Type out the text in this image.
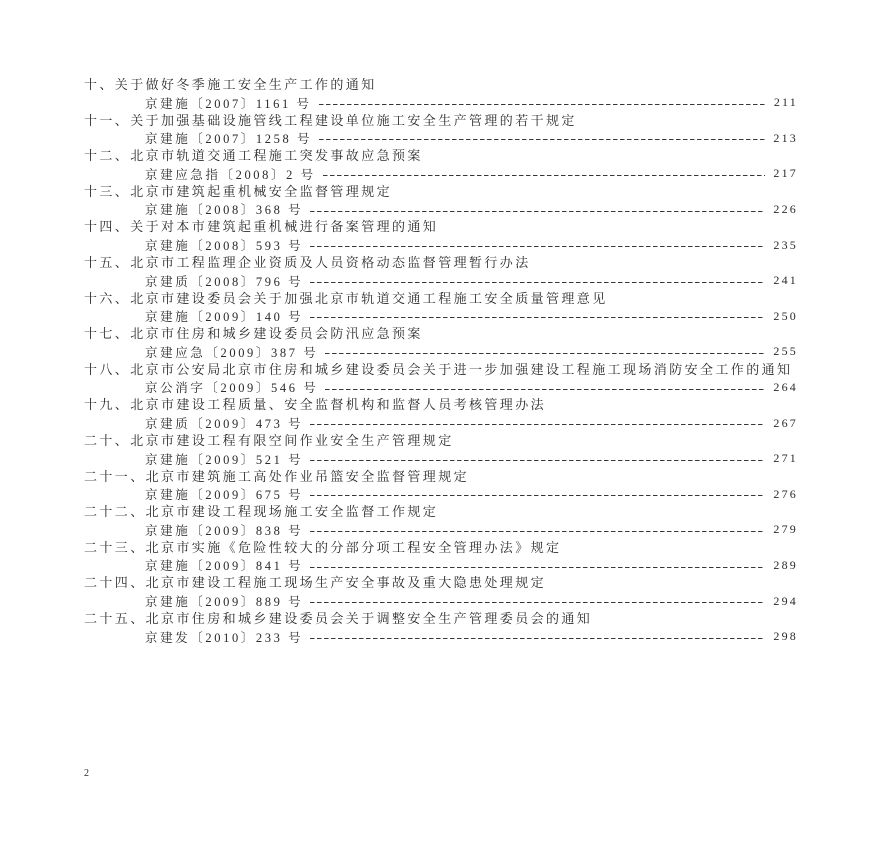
十、关于做好冬季施工安全生产工作的通知
京建施〔2007〕1161 号	211
十一、关于加强基础设施管线工程建设单位施工安全生产管理的若干规定
京建施〔2007〕1258 号	213
十二、北京市轨道交通工程施工突发事故应急预案
京建应急指〔2008〕2 号	217
十三、北京市建筑起重机械安全监督管理规定
京建施〔2008〕368 号	226
十四、关于对本市建筑起重机械进行备案管理的通知
京建施〔2008〕593 号	235
十五、北京市工程监理企业资质及人员资格动态监督管理暂行办法
京建质〔2008〕796 号	241
十六、北京市建设委员会关于加强北京市轨道交通工程施工安全质量管理意见
京建施〔2009〕140 号	250
十七、北京市住房和城乡建设委员会防汛应急预案
京建应急〔2009〕387 号	255
十八、北京市公安局北京市住房和城乡建设委员会关于进一步加强建设工程施工现场消防安全工作的通知
京公消字〔2009〕546 号	264
十九、北京市建设工程质量、安全监督机构和监督人员考核管理办法
京建质〔2009〕473 号	267
二十、北京市建设工程有限空间作业安全生产管理规定
京建施〔2009〕521 号	271
二十一、北京市建筑施工高处作业吊篮安全监督管理规定
京建施〔2009〕675 号	276
二十二、北京市建设工程现场施工安全监督工作规定
京建施〔2009〕838 号	279
二十三、北京市实施《危险性较大的分部分项工程安全管理办法》规定
京建施〔2009〕841 号	289
二十四、北京市建设工程施工现场生产安全事故及重大隐患处理规定
京建施〔2009〕889 号	294
二十五、北京市住房和城乡建设委员会关于调整安全生产管理委员会的通知
京建发〔2010〕233 号	298
2
